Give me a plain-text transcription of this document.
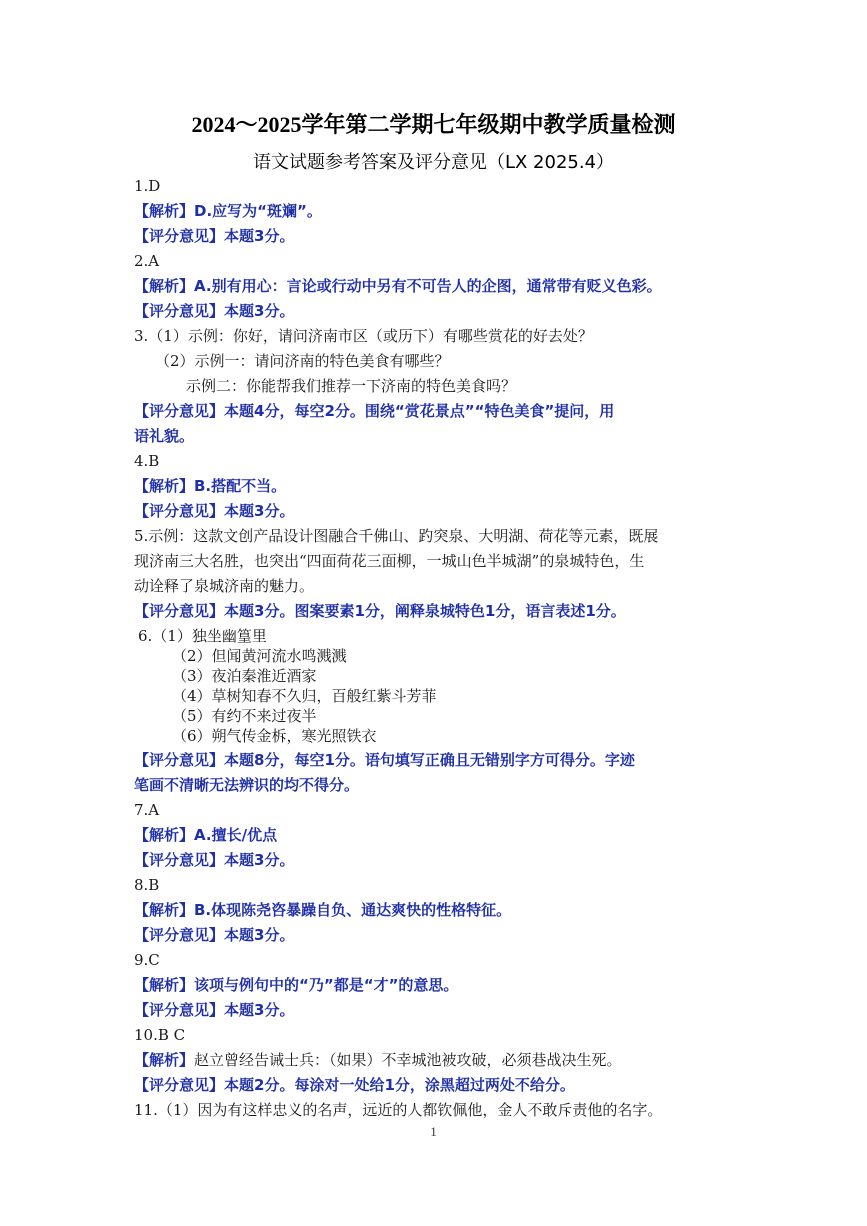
2024～2025学年第二学期七年级期中教学质量检测
语文试题参考答案及评分意见（LX 2025.4）
1.D
【解析】D.应写为“斑斓”。
【评分意见】本题3分。
2.A
【解析】A.别有用心：言论或行动中另有不可告人的企图，通常带有贬义色彩。
【评分意见】本题3分。
3.（1）示例：你好，请问济南市区（或历下）有哪些赏花的好去处？
（2）示例一：请问济南的特色美食有哪些？
示例二：你能帮我们推荐一下济南的特色美食吗？
【评分意见】本题4分，每空2分。围绕“赏花景点”“特色美食”提问，用
语礼貌。
4.B
【解析】B.搭配不当。
【评分意见】本题3分。
5.示例：这款文创产品设计图融合千佛山、趵突泉、大明湖、荷花等元素，既展
现济南三大名胜，也突出“四面荷花三面柳，一城山色半城湖”的泉城特色，生
动诠释了泉城济南的魅力。
【评分意见】本题3分。图案要素1分，阐释泉城特色1分，语言表述1分。
6.（1）独坐幽篁里
（2）但闻黄河流水鸣溅溅
（3）夜泊秦淮近酒家
（4）草树知春不久归，百般红紫斗芳菲
（5）有约不来过夜半
（6）朔气传金柝，寒光照铁衣
【评分意见】本题8分，每空1分。语句填写正确且无错别字方可得分。字迹
笔画不清晰无法辨识的均不得分。
7.A
【解析】A.擅长/优点
【评分意见】本题3分。
8.B
【解析】B.体现陈尧咨暴躁自负、通达爽快的性格特征。
【评分意见】本题3分。
9.C
【解析】该项与例句中的“乃”都是“才”的意思。
【评分意见】本题3分。
10.B C
【解析】赵立曾经告诫士兵：（如果）不幸城池被攻破，必须巷战决生死。
【评分意见】本题2分。每涂对一处给1分，涂黑超过两处不给分。
11.（1）因为有这样忠义的名声，远近的人都钦佩他，金人不敢斥责他的名字。
1
